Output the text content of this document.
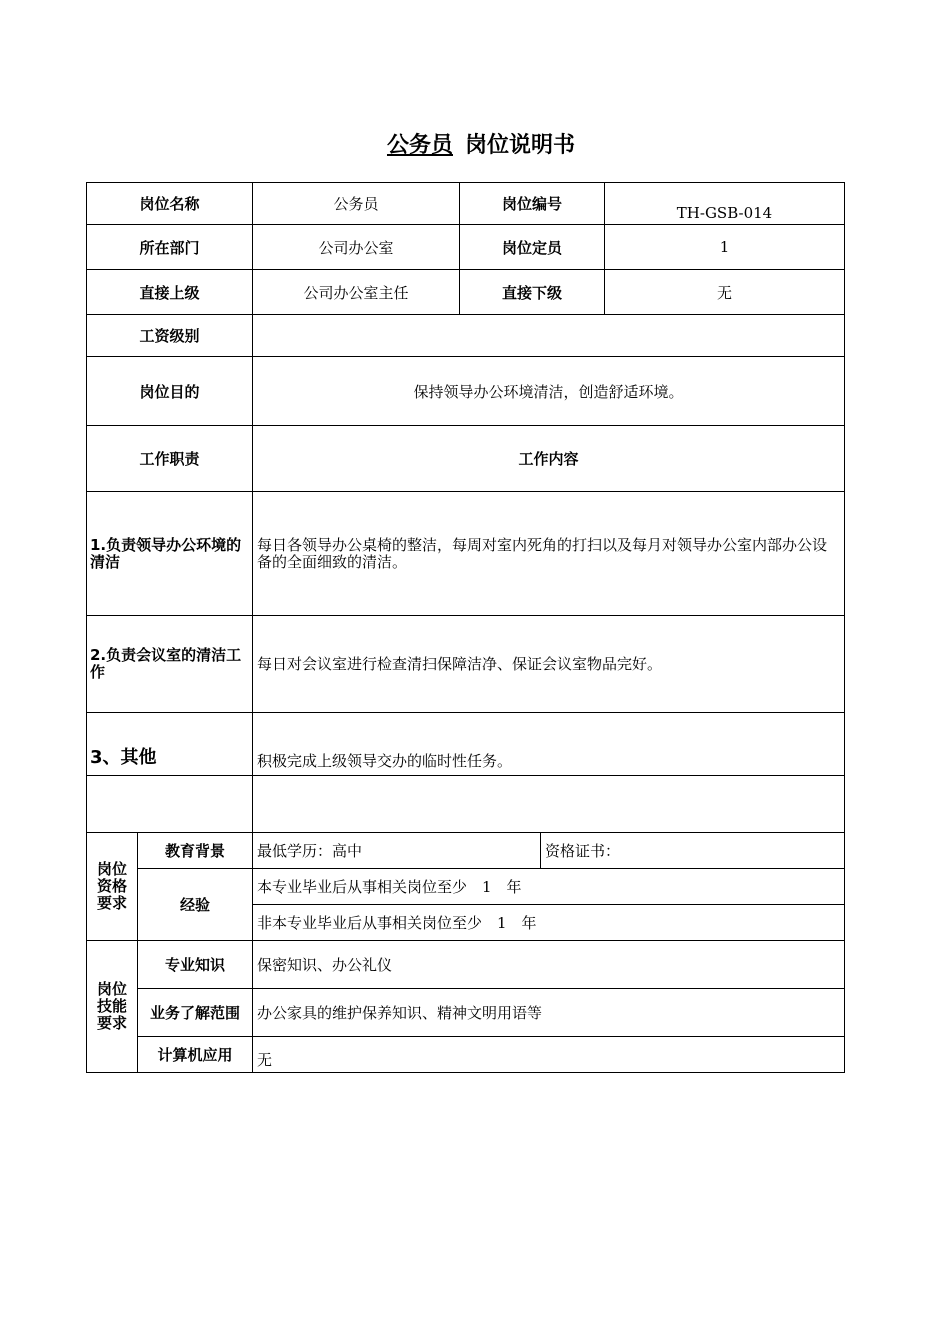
公务员 岗位说明书
岗位名称		公务员	岗位编号		TH-GSB-014
所在部门		公司办公室	岗位定员		1
直接上级		公司办公室主任	直接下级		无
工资级别					
岗位目的		保持领导办公环境清洁，创造舒适环境。			
工作职责		工作内容			
1.负责领导办公环境的清洁		每日各领导办公桌椅的整洁，每周对室内死角的打扫以及每月对领导办公室内部办公设备的全面细致的清洁。			
2.负责会议室的清洁工作		每日对会议室进行检查清扫保障洁净、保证会议室物品完好。			
3、其他		积极完成上级领导交办的临时性任务。			

岗位资格要求	教育背景	最低学历：高中		资格证书：	
	经验	本专业毕业后从事相关岗位至少　1　年			
		非本专业毕业后从事相关岗位至少　1　年			

岗位技能要求	专业知识	保密知识、办公礼仪			
	业务了解范围	办公家具的维护保养知识、精神文明用语等			
	计算机应用	无			
